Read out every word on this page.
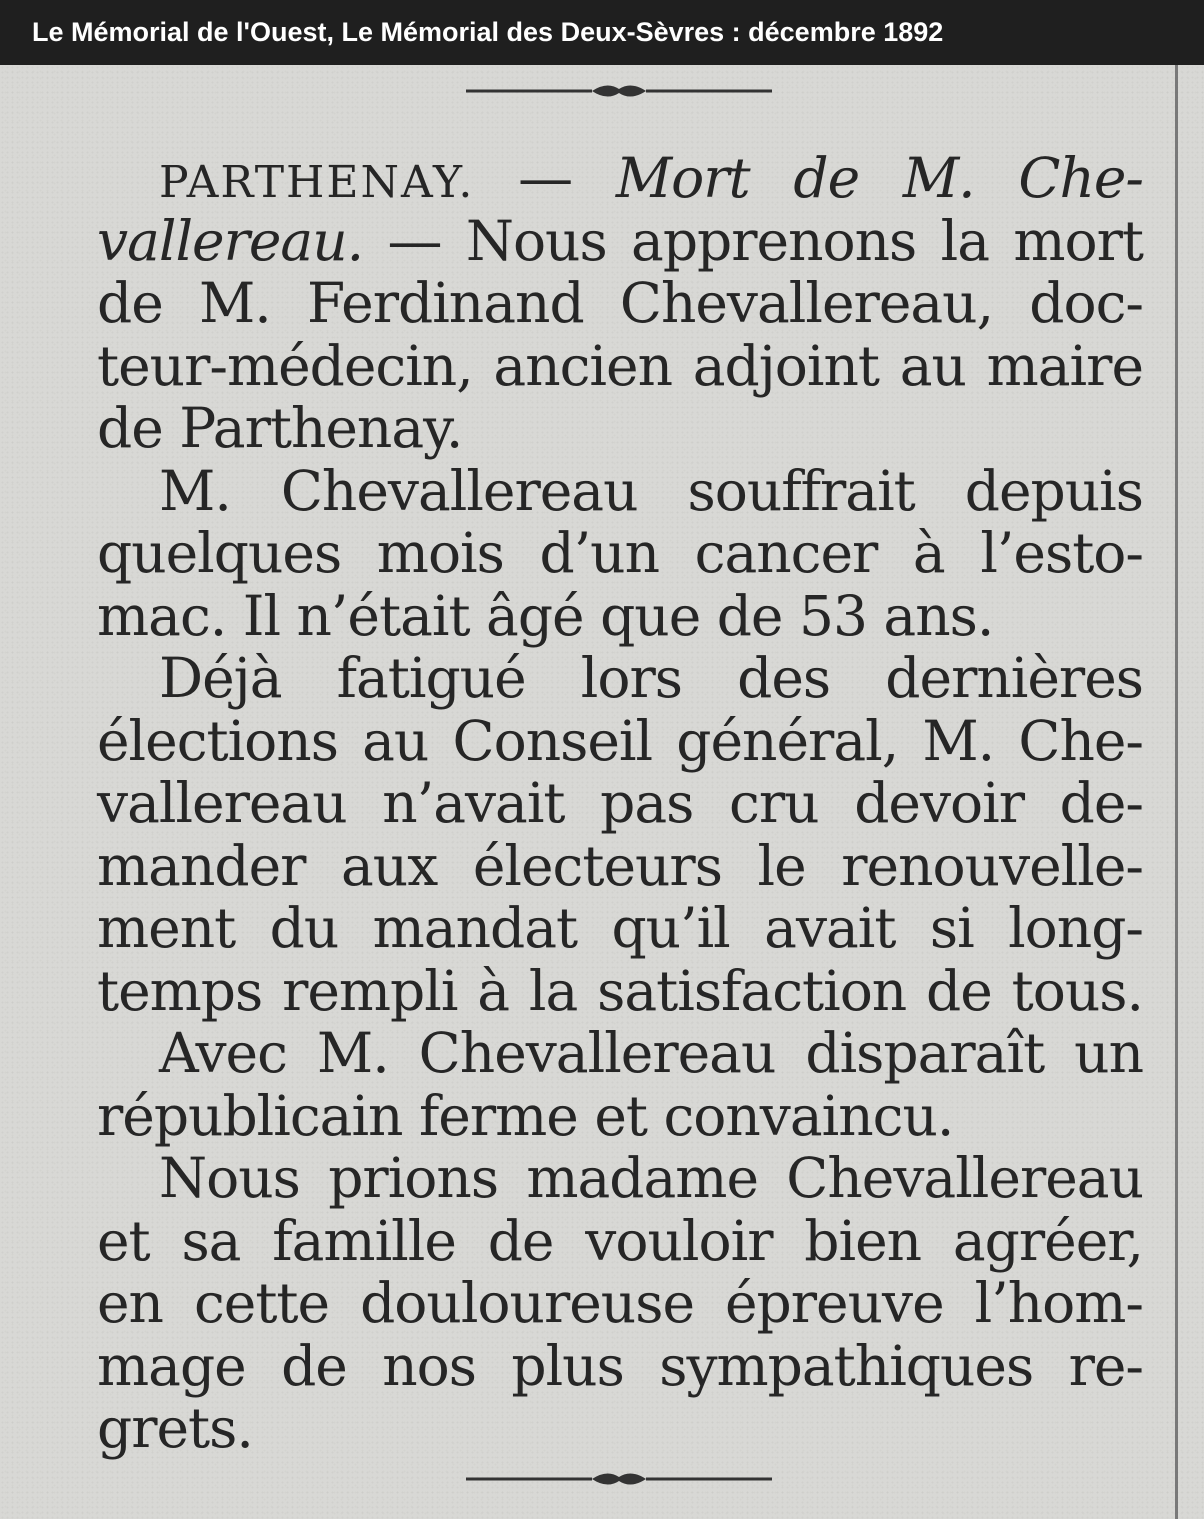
Le Mémorial de l'Ouest, Le Mémorial des Deux-Sèvres : décembre 1892
PARTHENAY. — Mort de M. Che-
vallereau. — Nous apprenons la mort
de M. Ferdinand Chevallereau, doc-
teur-médecin, ancien adjoint au maire
de Parthenay.
M. Chevallereau souffrait depuis
quelques mois d’un cancer à l’esto-
mac. Il n’était âgé que de 53 ans.
Déjà fatigué lors des dernières
élections au Conseil général, M. Che-
vallereau n’avait pas cru devoir de-
mander aux électeurs le renouvelle-
ment du mandat qu’il avait si long-
temps rempli à la satisfaction de tous.
Avec M. Chevallereau disparaît un
républicain ferme et convaincu.
Nous prions madame Chevallereau
et sa famille de vouloir bien agréer,
en cette douloureuse épreuve l’hom-
mage de nos plus sympathiques re-
grets.
